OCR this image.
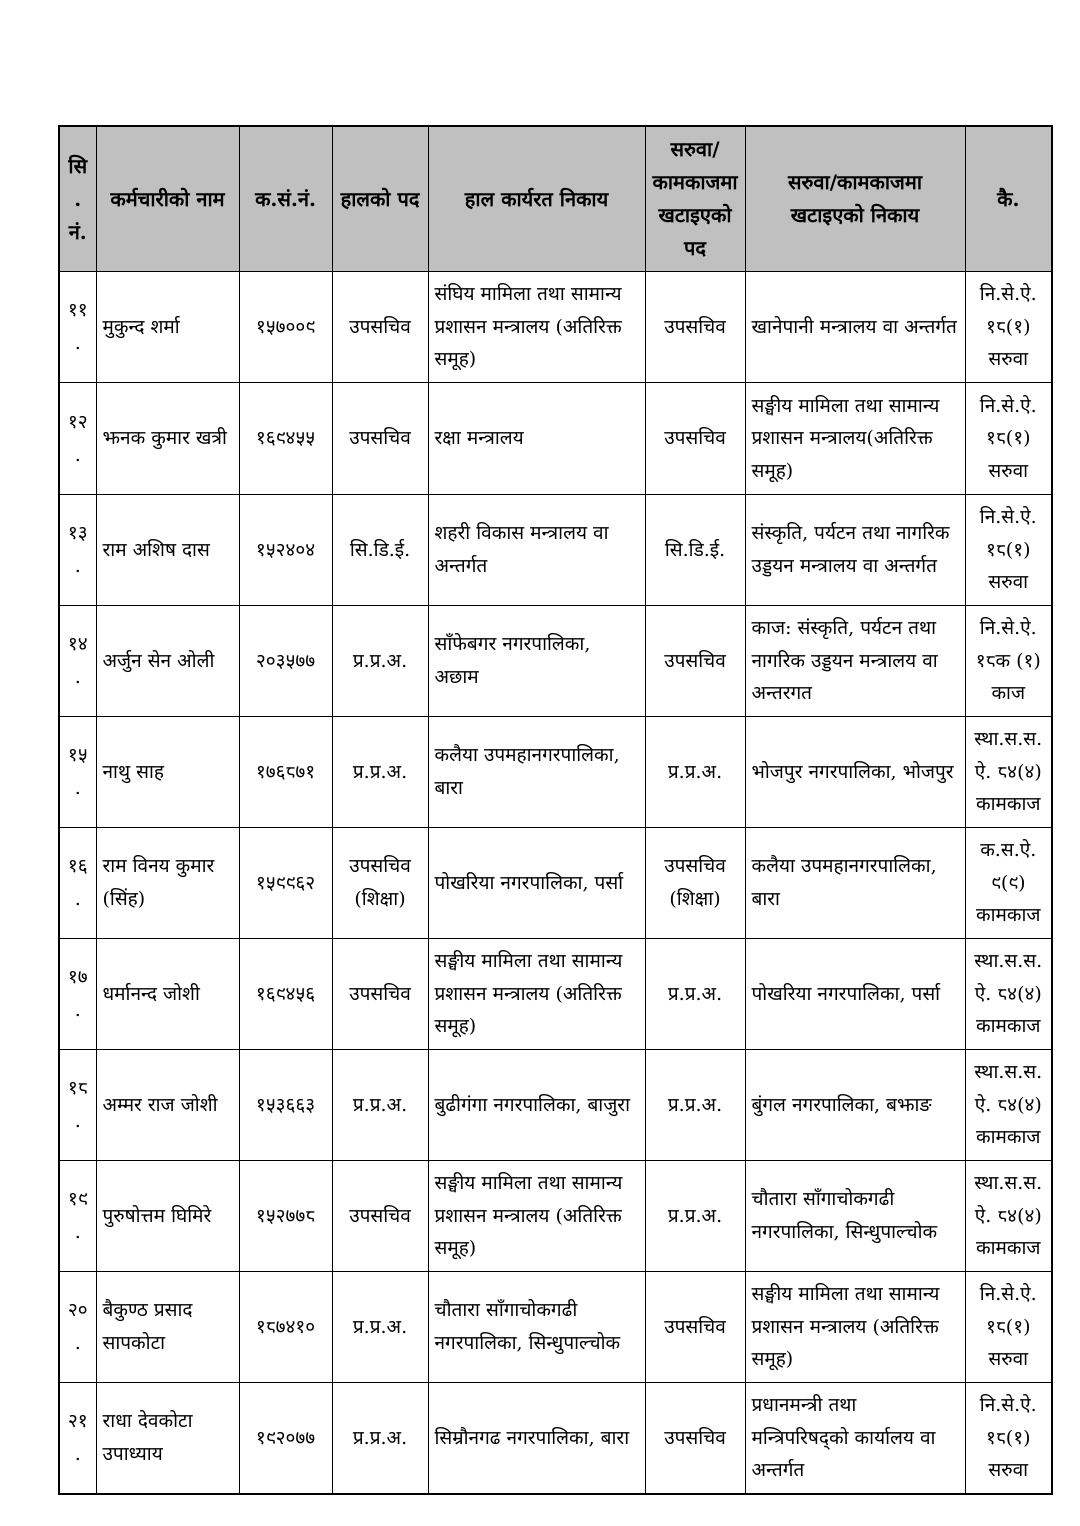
सि. नं.	कर्मचारीको नाम	क.सं.नं.	हालको पद	हाल कार्यरत निकाय	सरुवा/ कामकाजमा खटाइएको पद	सरुवा/कामकाजमा खटाइएको निकाय	कै.
११.	मुकुन्द शर्मा	१५७००९	उपसचिव	संघिय मामिला तथा सामान्य प्रशासन मन्त्रालय (अतिरिक्त समूह)	उपसचिव	खानेपानी मन्त्रालय वा अन्तर्गत	नि.से.ऐ. १८(१) सरुवा
१२.	झनक कुमार खत्री	१६९४५५	उपसचिव	रक्षा मन्त्रालय	उपसचिव	सङ्घीय मामिला तथा सामान्य प्रशासन मन्त्रालय(अतिरिक्त समूह)	नि.से.ऐ. १८(१) सरुवा
१३.	राम अशिष दास	१५२४०४	सि.डि.ई.	शहरी विकास मन्त्रालय वा अन्तर्गत	सि.डि.ई.	संस्कृति, पर्यटन तथा नागरिक उड्डयन मन्त्रालय वा अन्तर्गत	नि.से.ऐ. १८(१) सरुवा
१४.	अर्जुन सेन ओली	२०३५७७	प्र.प्र.अ.	साँफेबगर नगरपालिका, अछाम	उपसचिव	काज: संस्कृति, पर्यटन तथा नागरिक उड्डयन मन्त्रालय वा अन्तरगत	नि.से.ऐ. १८क (१) काज
१५.	नाथु साह	१७६८७१	प्र.प्र.अ.	कलैया उपमहानगरपालिका, बारा	प्र.प्र.अ.	भोजपुर नगरपालिका, भोजपुर	स्था.स.स.ऐ. ८४(४) कामकाज
१६.	राम विनय कुमार (सिंह)	१५९९६२	उपसचिव (शिक्षा)	पोखरिया नगरपालिका, पर्सा	उपसचिव (शिक्षा)	कलैया उपमहानगरपालिका, बारा	क.स.ऐ. ९(९) कामकाज
१७.	धर्मानन्द जोशी	१६९४५६	उपसचिव	सङ्घीय मामिला तथा सामान्य प्रशासन मन्त्रालय (अतिरिक्त समूह)	प्र.प्र.अ.	पोखरिया नगरपालिका, पर्सा	स्था.स.स.ऐ. ८४(४) कामकाज
१८.	अम्मर राज जोशी	१५३६६३	प्र.प्र.अ.	बुढीगंगा नगरपालिका, बाजुरा	प्र.प्र.अ.	बुंगल नगरपालिका, बझाङ	स्था.स.स.ऐ. ८४(४) कामकाज
१९.	पुरुषोत्तम घिमिरे	१५२७७८	उपसचिव	सङ्घीय मामिला तथा सामान्य प्रशासन मन्त्रालय (अतिरिक्त समूह)	प्र.प्र.अ.	चौतारा साँगाचोकगढी नगरपालिका, सिन्धुपाल्चोक	स्था.स.स.ऐ. ८४(४) कामकाज
२०.	बैकुण्ठ प्रसाद सापकोटा	१८७४१०	प्र.प्र.अ.	चौतारा साँगाचोकगढी नगरपालिका, सिन्धुपाल्चोक	उपसचिव	सङ्घीय मामिला तथा सामान्य प्रशासन मन्त्रालय (अतिरिक्त समूह)	नि.से.ऐ. १८(१) सरुवा
२१.	राधा देवकोटा उपाध्याय	१९२०७७	प्र.प्र.अ.	सिम्रौनगढ नगरपालिका, बारा	उपसचिव	प्रधानमन्त्री तथा मन्त्रिपरिषद्को कार्यालय वा अन्तर्गत	नि.से.ऐ. १८(१) सरुवा
